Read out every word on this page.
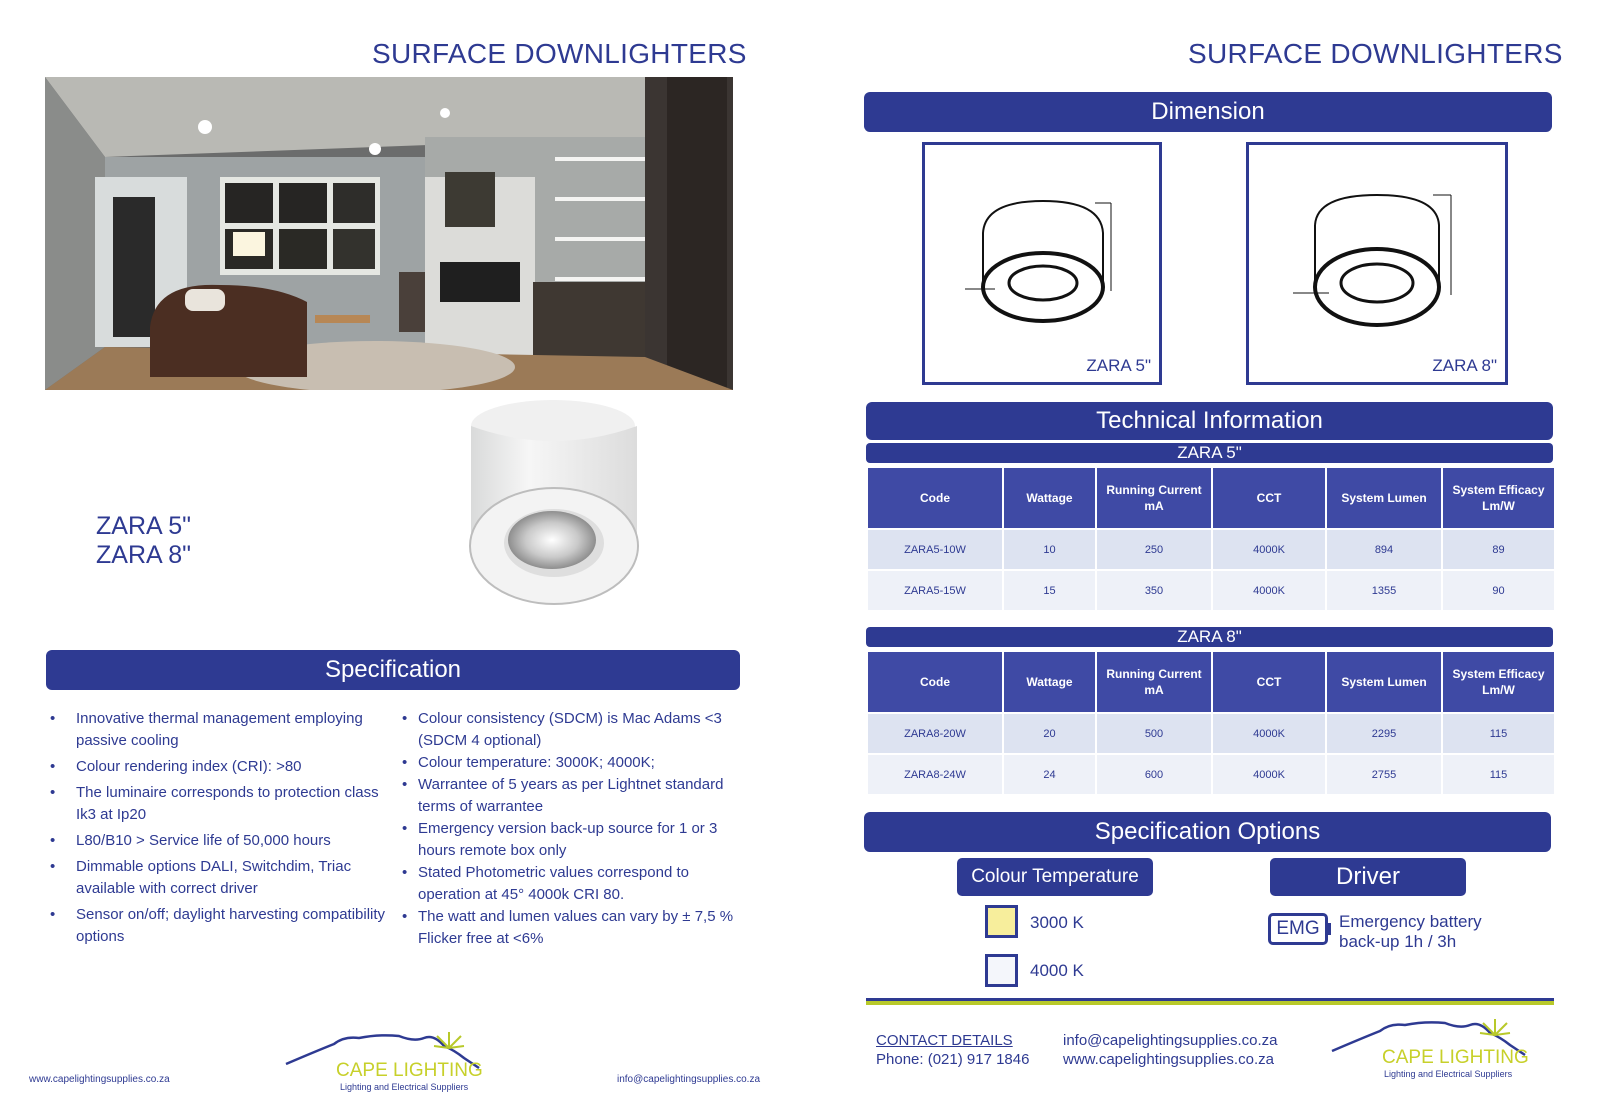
SURFACE DOWNLIGHTERS
ZARA 5"
ZARA 8"
Specification
• Innovative thermal management employing passive cooling
• Colour rendering index (CRI): >80
• The luminaire corresponds to protection class Ik3 at Ip20
• L80/B10 > Service life of 50,000 hours
• Dimmable options DALI, Switchdim, Triac available with correct driver
• Sensor on/off; daylight harvesting compatibility options
• Colour consistency (SDCM) is Mac Adams <3 (SDCM 4 optional)
• Colour temperature: 3000K; 4000K;
• Warrantee of 5 years as per Lightnet standard terms of warrantee
• Emergency version back-up source for 1 or 3 hours remote box only
• Stated Photometric values correspond to operation at 45° 4000k CRI 80.
• The watt and lumen values can vary by ± 7,5 % Flicker free at <6%
www.capelightingsupplies.co.za	info@capelightingsupplies.co.za
CAPE LIGHTING
Lighting and Electrical Suppliers
SURFACE DOWNLIGHTERS
Dimension
ZARA 5"	ZARA 8"
Technical Information
ZARA 5"
Code	Wattage	Running Current mA	CCT	System Lumen	System Efficacy Lm/W
ZARA5-10W	10	250	4000K	894	89
ZARA5-15W	15	350	4000K	1355	90
ZARA 8"
Code	Wattage	Running Current mA	CCT	System Lumen	System Efficacy Lm/W
ZARA8-20W	20	500	4000K	2295	115
ZARA8-24W	24	600	4000K	2755	115
Specification Options
Colour Temperature	Driver
3000 K
4000 K
EMG	Emergency battery
back-up 1h / 3h
CONTACT DETAILS
Phone: (021) 917 1846
info@capelightingsupplies.co.za
www.capelightingsupplies.co.za	CAPE LIGHTING
Lighting and Electrical Suppliers
